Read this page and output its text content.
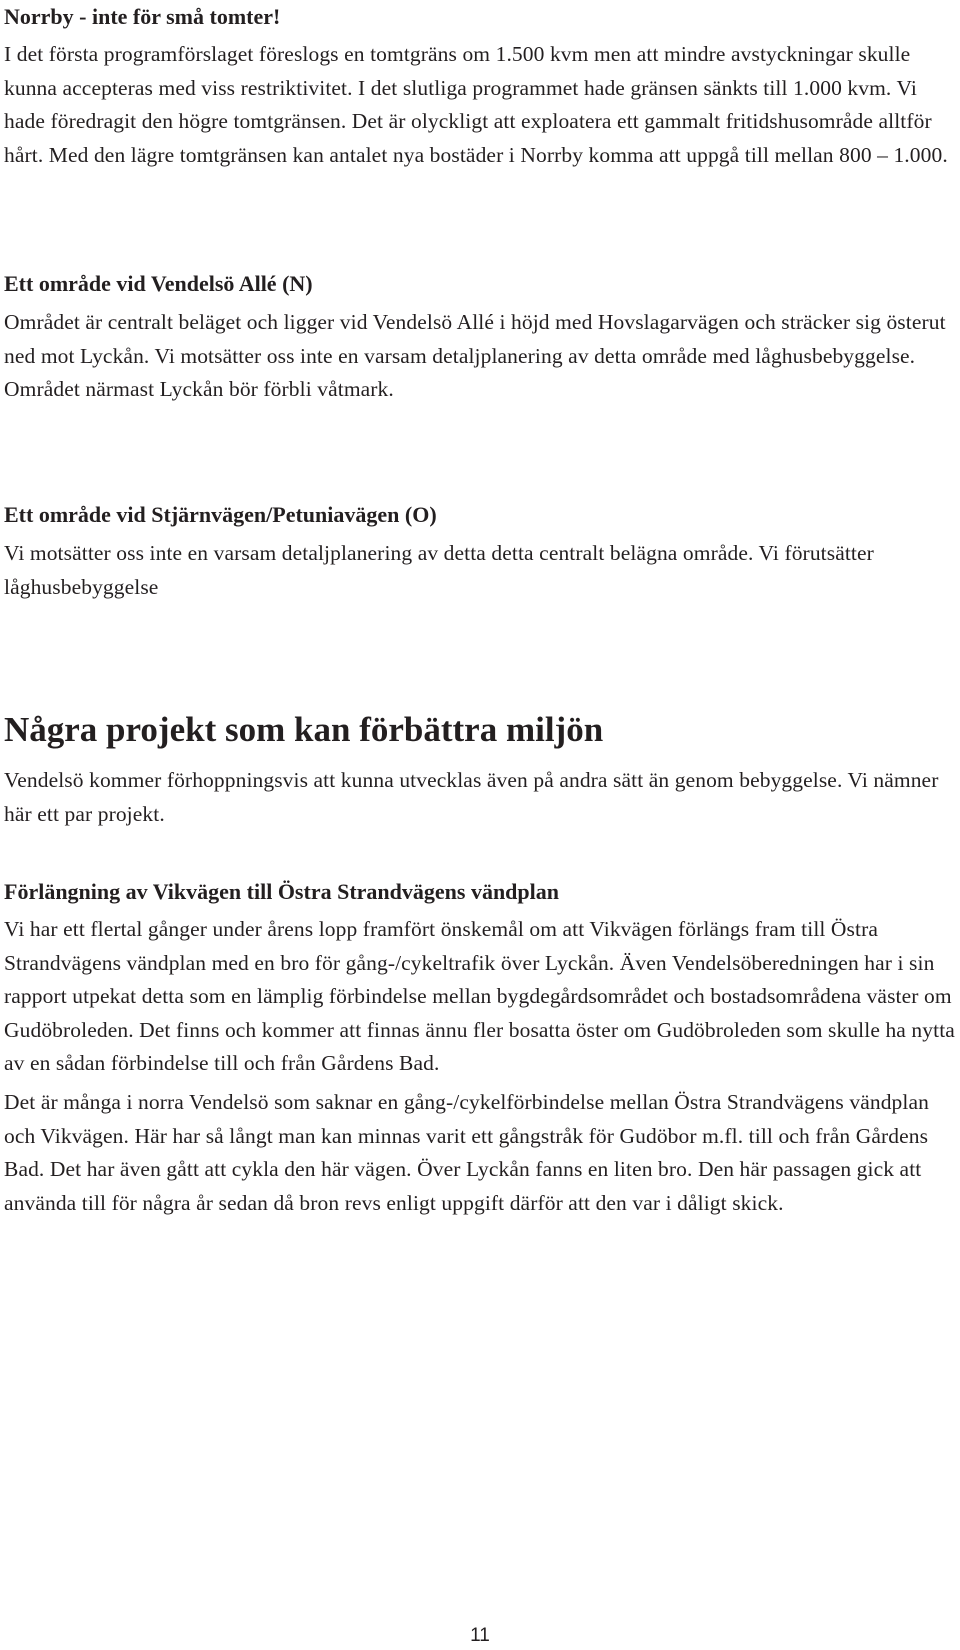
Norrby - inte för små tomter!

I det första programförslaget föreslogs en tomtgräns om 1.500 kvm men att mindre avstyckningar skulle kunna accepteras med viss restriktivitet. I det slutliga programmet hade gränsen sänkts till 1.000 kvm. Vi hade föredragit den högre tomtgränsen. Det är olyckligt att exploatera ett gammalt fritidshusområde alltför hårt. Med den lägre tomtgränsen kan antalet nya bostäder i Norrby komma att uppgå till mellan 800 – 1.000.

Ett område vid Vendelsö Allé (N)

Området är centralt beläget och ligger vid Vendelsö Allé i höjd med Hovslagarvägen och sträcker sig österut ned mot Lyckån. Vi motsätter oss inte en varsam detaljplanering av detta område med låghusbebyggelse. Området närmast Lyckån bör förbli våtmark.

Ett område vid Stjärnvägen/Petuniavägen (O)

Vi motsätter oss inte en varsam detaljplanering av detta detta centralt belägna område. Vi förutsätter låghusbebyggelse

Några projekt som kan förbättra miljön

Vendelsö kommer förhoppningsvis att kunna utvecklas även på andra sätt än genom bebyggelse. Vi nämner här ett par projekt.

Förlängning av Vikvägen till Östra Strandvägens vändplan

Vi har ett flertal gånger under årens lopp framfört önskemål om att Vikvägen förlängs fram till Östra Strandvägens vändplan med en bro för gång-/cykeltrafik över Lyckån. Även Vendelsöberedningen har i sin rapport utpekat detta som en lämplig förbindelse mellan bygdegårdsområdet och bostadsområdena väster om Gudöbroleden. Det finns och kommer att finnas ännu fler bosatta öster om Gudöbroleden som skulle ha nytta av en sådan förbindelse till och från Gårdens Bad.

Det är många i norra Vendelsö som saknar en gång-/cykelförbindelse mellan Östra Strandvägens vändplan och Vikvägen. Här har så långt man kan minnas varit ett gångstråk för Gudöbor m.fl. till och från Gårdens Bad. Det har även gått att cykla den här vägen. Över Lyckån fanns en liten bro. Den här passagen gick att använda till för några år sedan då bron revs enligt uppgift därför att den var i dåligt skick.

11
